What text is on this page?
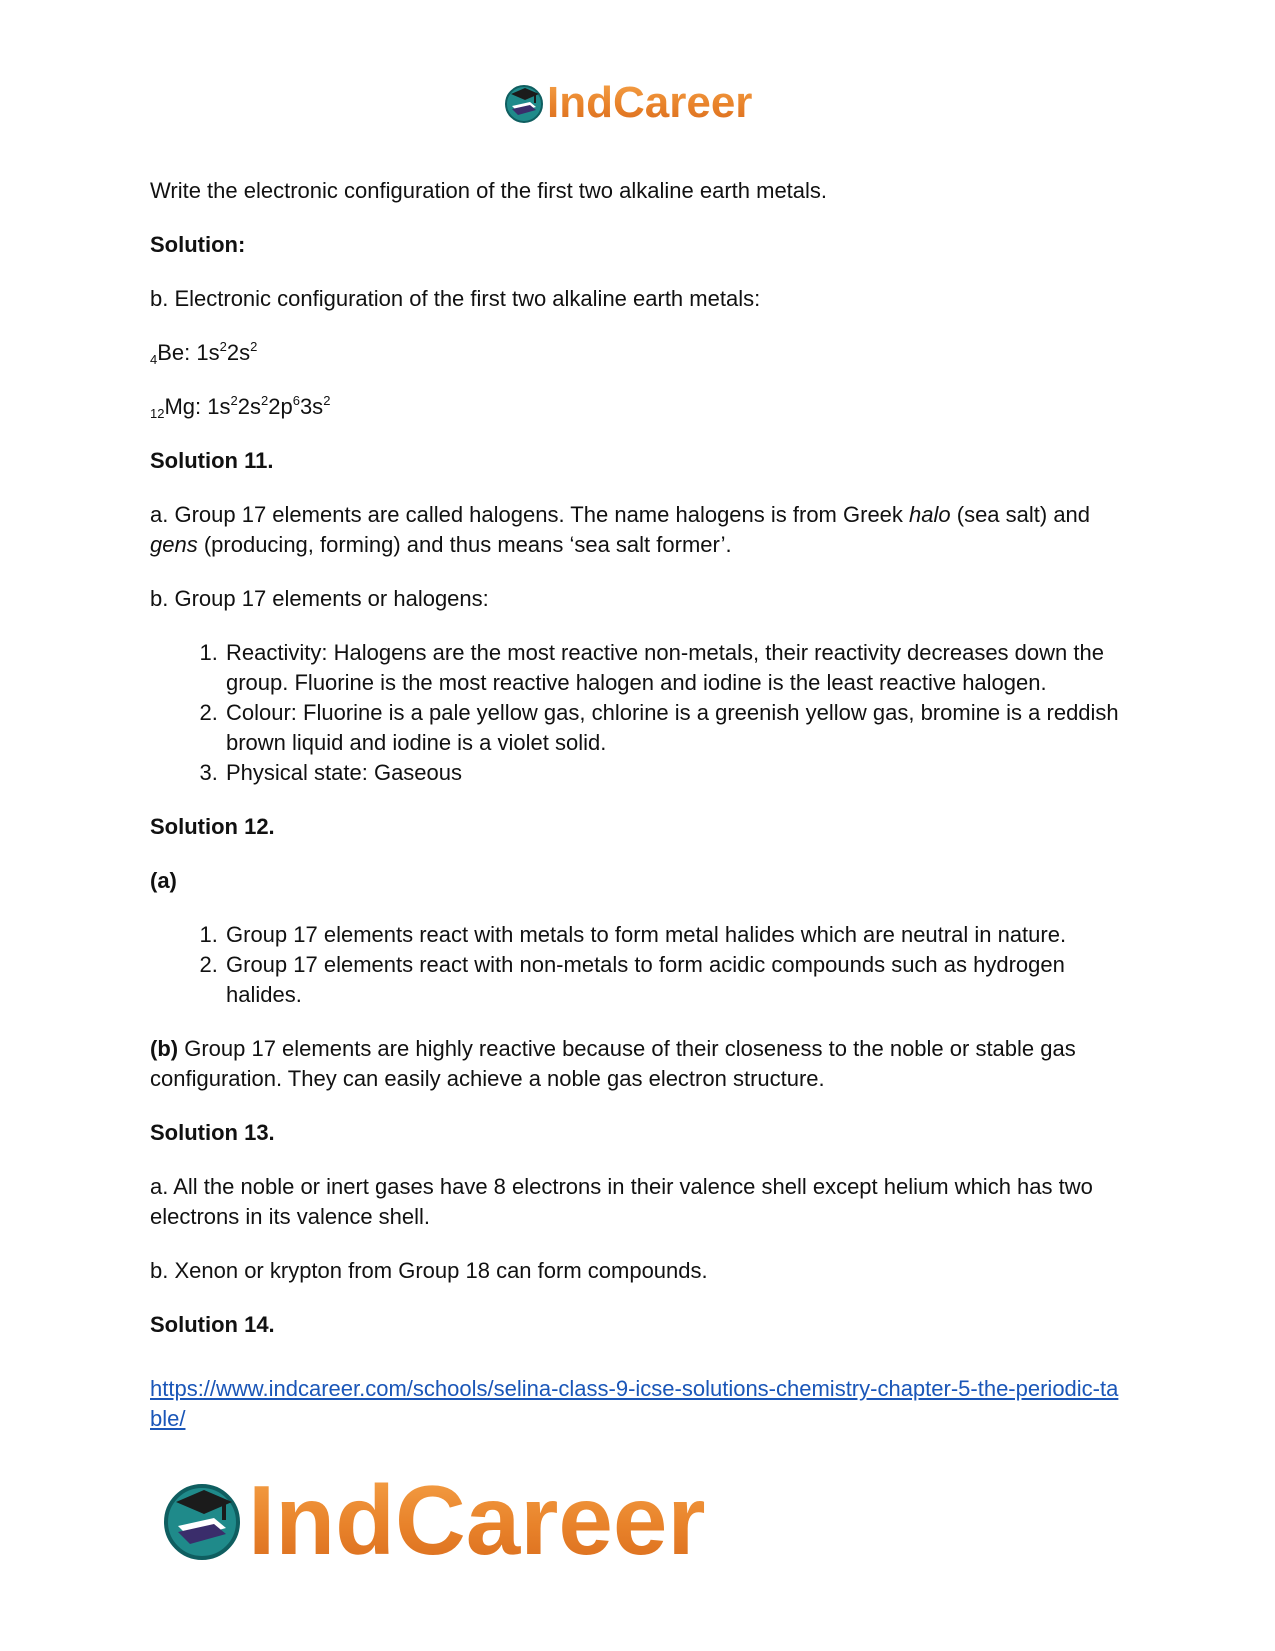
IndCareer
Write the electronic configuration of the first two alkaline earth metals.
Solution:
b. Electronic configuration of the first two alkaline earth metals:
$_4$Be: $1s^22s^2$
$_{12}$Mg: $1s^22s^22p^63s^2$
Solution 11.
a. Group 17 elements are called halogens. The name halogens is from Greek halo (sea salt) and gens (producing, forming) and thus means ‘sea salt former’.
b. Group 17 elements or halogens:
1. Reactivity: Halogens are the most reactive non-metals, their reactivity decreases down the group. Fluorine is the most reactive halogen and iodine is the least reactive halogen.
2. Colour: Fluorine is a pale yellow gas, chlorine is a greenish yellow gas, bromine is a reddish brown liquid and iodine is a violet solid.
3. Physical state: Gaseous
Solution 12.
(a)
1. Group 17 elements react with metals to form metal halides which are neutral in nature.
2. Group 17 elements react with non-metals to form acidic compounds such as hydrogen halides.
(b) Group 17 elements are highly reactive because of their closeness to the noble or stable gas configuration. They can easily achieve a noble gas electron structure.
Solution 13.
a. All the noble or inert gases have 8 electrons in their valence shell except helium which has two electrons in its valence shell.
b. Xenon or krypton from Group 18 can form compounds.
Solution 14.
https://www.indcareer.com/schools/selina-class-9-icse-solutions-chemistry-chapter-5-the-periodic-table/
IndCareer
